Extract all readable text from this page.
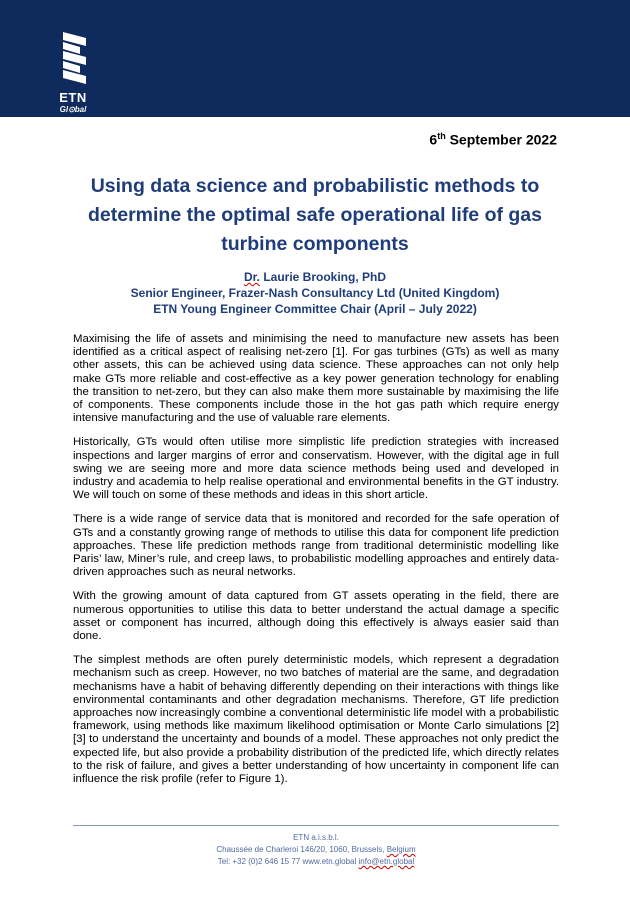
ETN
Gl⊙bal
6th September 2022
Using data science and probabilistic methods to determine the optimal safe operational life of gas turbine components
Dr. Laurie Brooking, PhD
Senior Engineer, Frazer-Nash Consultancy Ltd (United Kingdom)
ETN Young Engineer Committee Chair (April – July 2022)

Maximising the life of assets and minimising the need to manufacture new assets has been identified as a critical aspect of realising net-zero [1]. For gas turbines (GTs) as well as many other assets, this can be achieved using data science. These approaches can not only help make GTs more reliable and cost-effective as a key power generation technology for enabling the transition to net-zero, but they can also make them more sustainable by maximising the life of components. These components include those in the hot gas path which require energy intensive manufacturing and the use of valuable rare elements.

Historically, GTs would often utilise more simplistic life prediction strategies with increased inspections and larger margins of error and conservatism. However, with the digital age in full swing we are seeing more and more data science methods being used and developed in industry and academia to help realise operational and environmental benefits in the GT industry. We will touch on some of these methods and ideas in this short article.

There is a wide range of service data that is monitored and recorded for the safe operation of GTs and a constantly growing range of methods to utilise this data for component life prediction approaches. These life prediction methods range from traditional deterministic modelling like Paris’ law, Miner’s rule, and creep laws, to probabilistic modelling approaches and entirely data-driven approaches such as neural networks.

With the growing amount of data captured from GT assets operating in the field, there are numerous opportunities to utilise this data to better understand the actual damage a specific asset or component has incurred, although doing this effectively is always easier said than done.

The simplest methods are often purely deterministic models, which represent a degradation mechanism such as creep. However, no two batches of material are the same, and degradation mechanisms have a habit of behaving differently depending on their interactions with things like environmental contaminants and other degradation mechanisms. Therefore, GT life prediction approaches now increasingly combine a conventional deterministic life model with a probabilistic framework, using methods like maximum likelihood optimisation or Monte Carlo simulations [2] [3] to understand the uncertainty and bounds of a model. These approaches not only predict the expected life, but also provide a probability distribution of the predicted life, which directly relates to the risk of failure, and gives a better understanding of how uncertainty in component life can influence the risk profile (refer to Figure 1).

ETN a.i.s.b.l.
Chaussée de Charleroi 146/20, 1060, Brussels, Belgium
Tel: +32 (0)2 646 15 77 www.etn.global info@etn.global
